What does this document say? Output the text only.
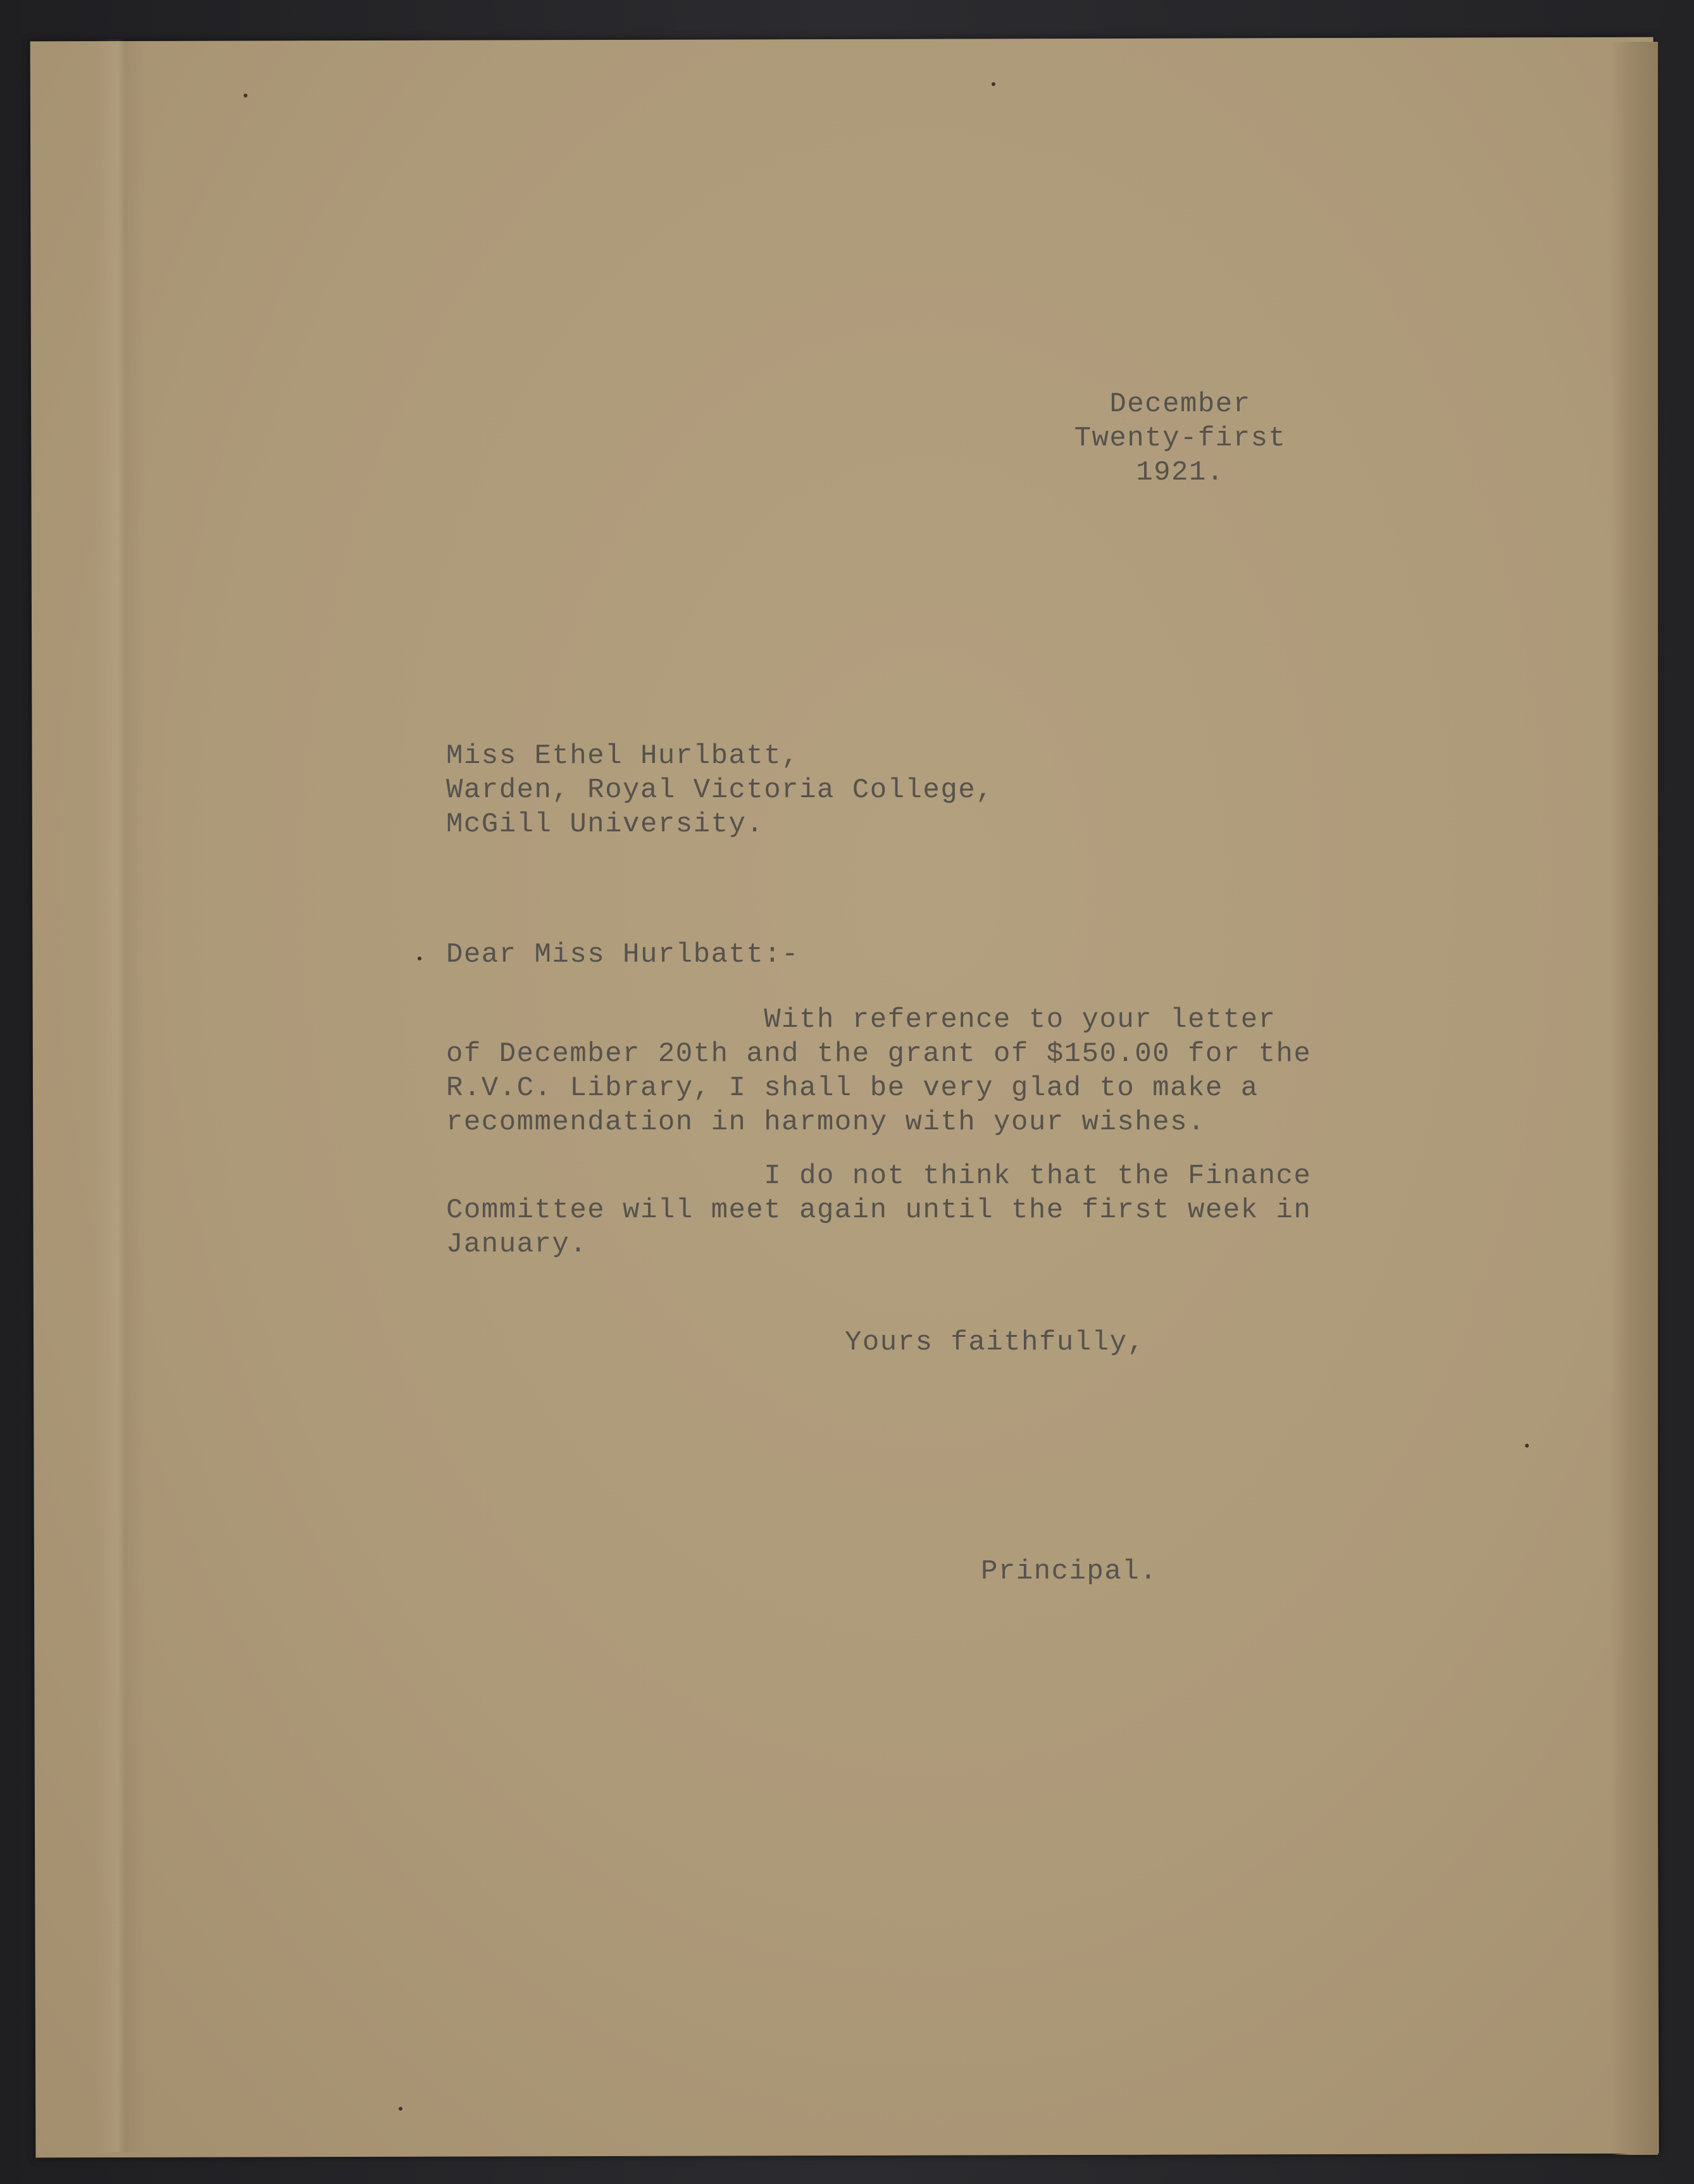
December
Twenty-first
1921.
Miss Ethel Hurlbatt,
Warden, Royal Victoria College,
McGill University.
Dear Miss Hurlbatt:-
With reference to your letter
of December 20th and the grant of $150.00 for the
R.V.C. Library, I shall be very glad to make a
recommendation in harmony with your wishes.
I do not think that the Finance
Committee will meet again until the first week in
January.
Yours faithfully,
Principal.
